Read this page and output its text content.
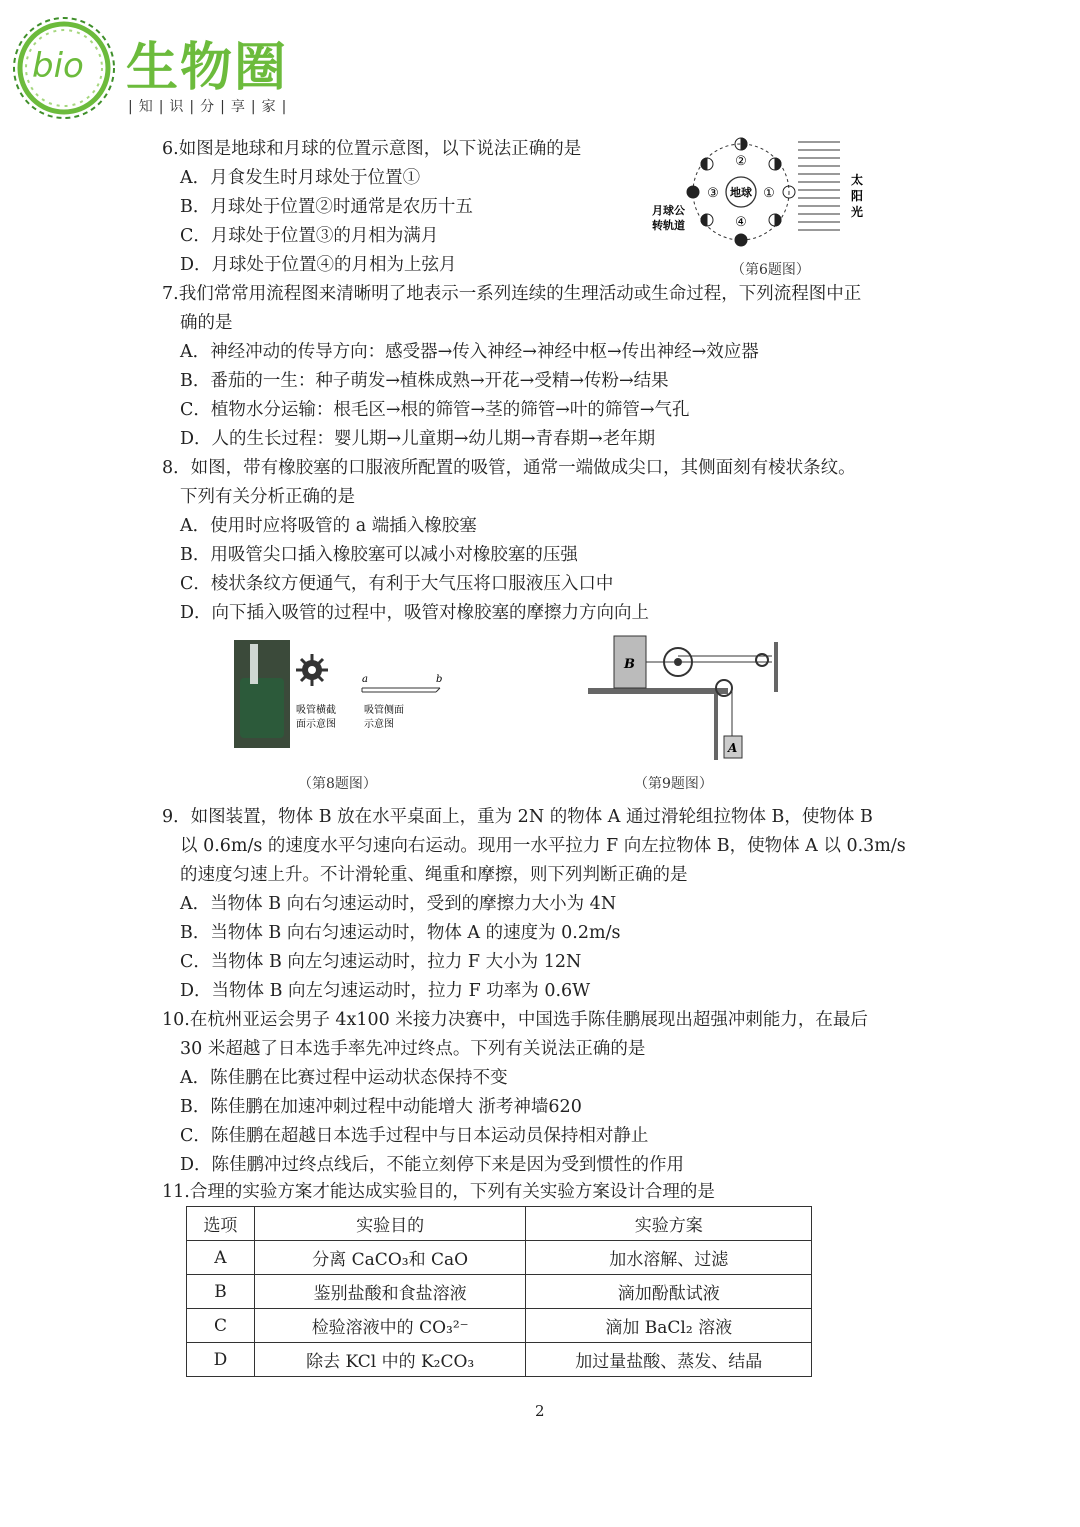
bio 生物圈
|知|识|分|享|家|
6.如图是地球和月球的位置示意图，以下说法正确的是
A．月食发生时月球处于位置①
B．月球处于位置②时通常是农历十五
C．月球处于位置③的月相为满月
D．月球处于位置④的月相为上弦月
地球
②
①
③
④
太
阳
光
月球公
转轨道
（第6题图）
7.我们常常用流程图来清晰明了地表示一系列连续的生理活动或生命过程，下列流程图中正
确的是
A．神经冲动的传导方向：感受器→传入神经→神经中枢→传出神经→效应器
B．番茄的一生：种子萌发→植株成熟→开花→受精→传粉→结果
C．植物水分运输：根毛区→根的筛管→茎的筛管→叶的筛管→气孔
D．人的生长过程：婴儿期→儿童期→幼儿期→青春期→老年期
8．如图，带有橡胶塞的口服液所配置的吸管，通常一端做成尖口，其侧面刻有棱状条纹。
下列有关分析正确的是
A．使用时应将吸管的 a 端插入橡胶塞
B．用吸管尖口插入橡胶塞可以减小对橡胶塞的压强
C．棱状条纹方便通气，有利于大气压将口服液压入口中
D．向下插入吸管的过程中，吸管对橡胶塞的摩擦力方向向上
a	b
吸管横截
面示意图
吸管侧面
示意图
（第8题图）
B
A
（第9题图）
9．如图装置，物体 B 放在水平桌面上，重为 2N 的物体 A 通过滑轮组拉物体 B，使物体 B
以 0.6m/s 的速度水平匀速向右运动。现用一水平拉力 F 向左拉物体 B，使物体 A 以 0.3m/s
的速度匀速上升。不计滑轮重、绳重和摩擦，则下列判断正确的是
A．当物体 B 向右匀速运动时，受到的摩擦力大小为 4N
B．当物体 B 向右匀速运动时，物体 A 的速度为 0.2m/s
C．当物体 B 向左匀速运动时，拉力 F 大小为 12N
D．当物体 B 向左匀速运动时，拉力 F 功率为 0.6W
10.在杭州亚运会男子 4x100 米接力决赛中，中国选手陈佳鹏展现出超强冲刺能力，在最后
30 米超越了日本选手率先冲过终点。下列有关说法正确的是
A．陈佳鹏在比赛过程中运动状态保持不变
B．陈佳鹏在加速冲刺过程中动能增大 浙考神墙620
C．陈佳鹏在超越日本选手过程中与日本运动员保持相对静止
D．陈佳鹏冲过终点线后，不能立刻停下来是因为受到惯性的作用
11.合理的实验方案才能达成实验目的，下列有关实验方案设计合理的是
选项	实验目的	实验方案
A	分离 CaCO₃和 CaO	加水溶解、过滤
B	鉴别盐酸和食盐溶液	滴加酚酞试液
C	检验溶液中的 CO₃²⁻	滴加 BaCl₂ 溶液
D	除去 KCl 中的 K₂CO₃	加过量盐酸、蒸发、结晶
2
